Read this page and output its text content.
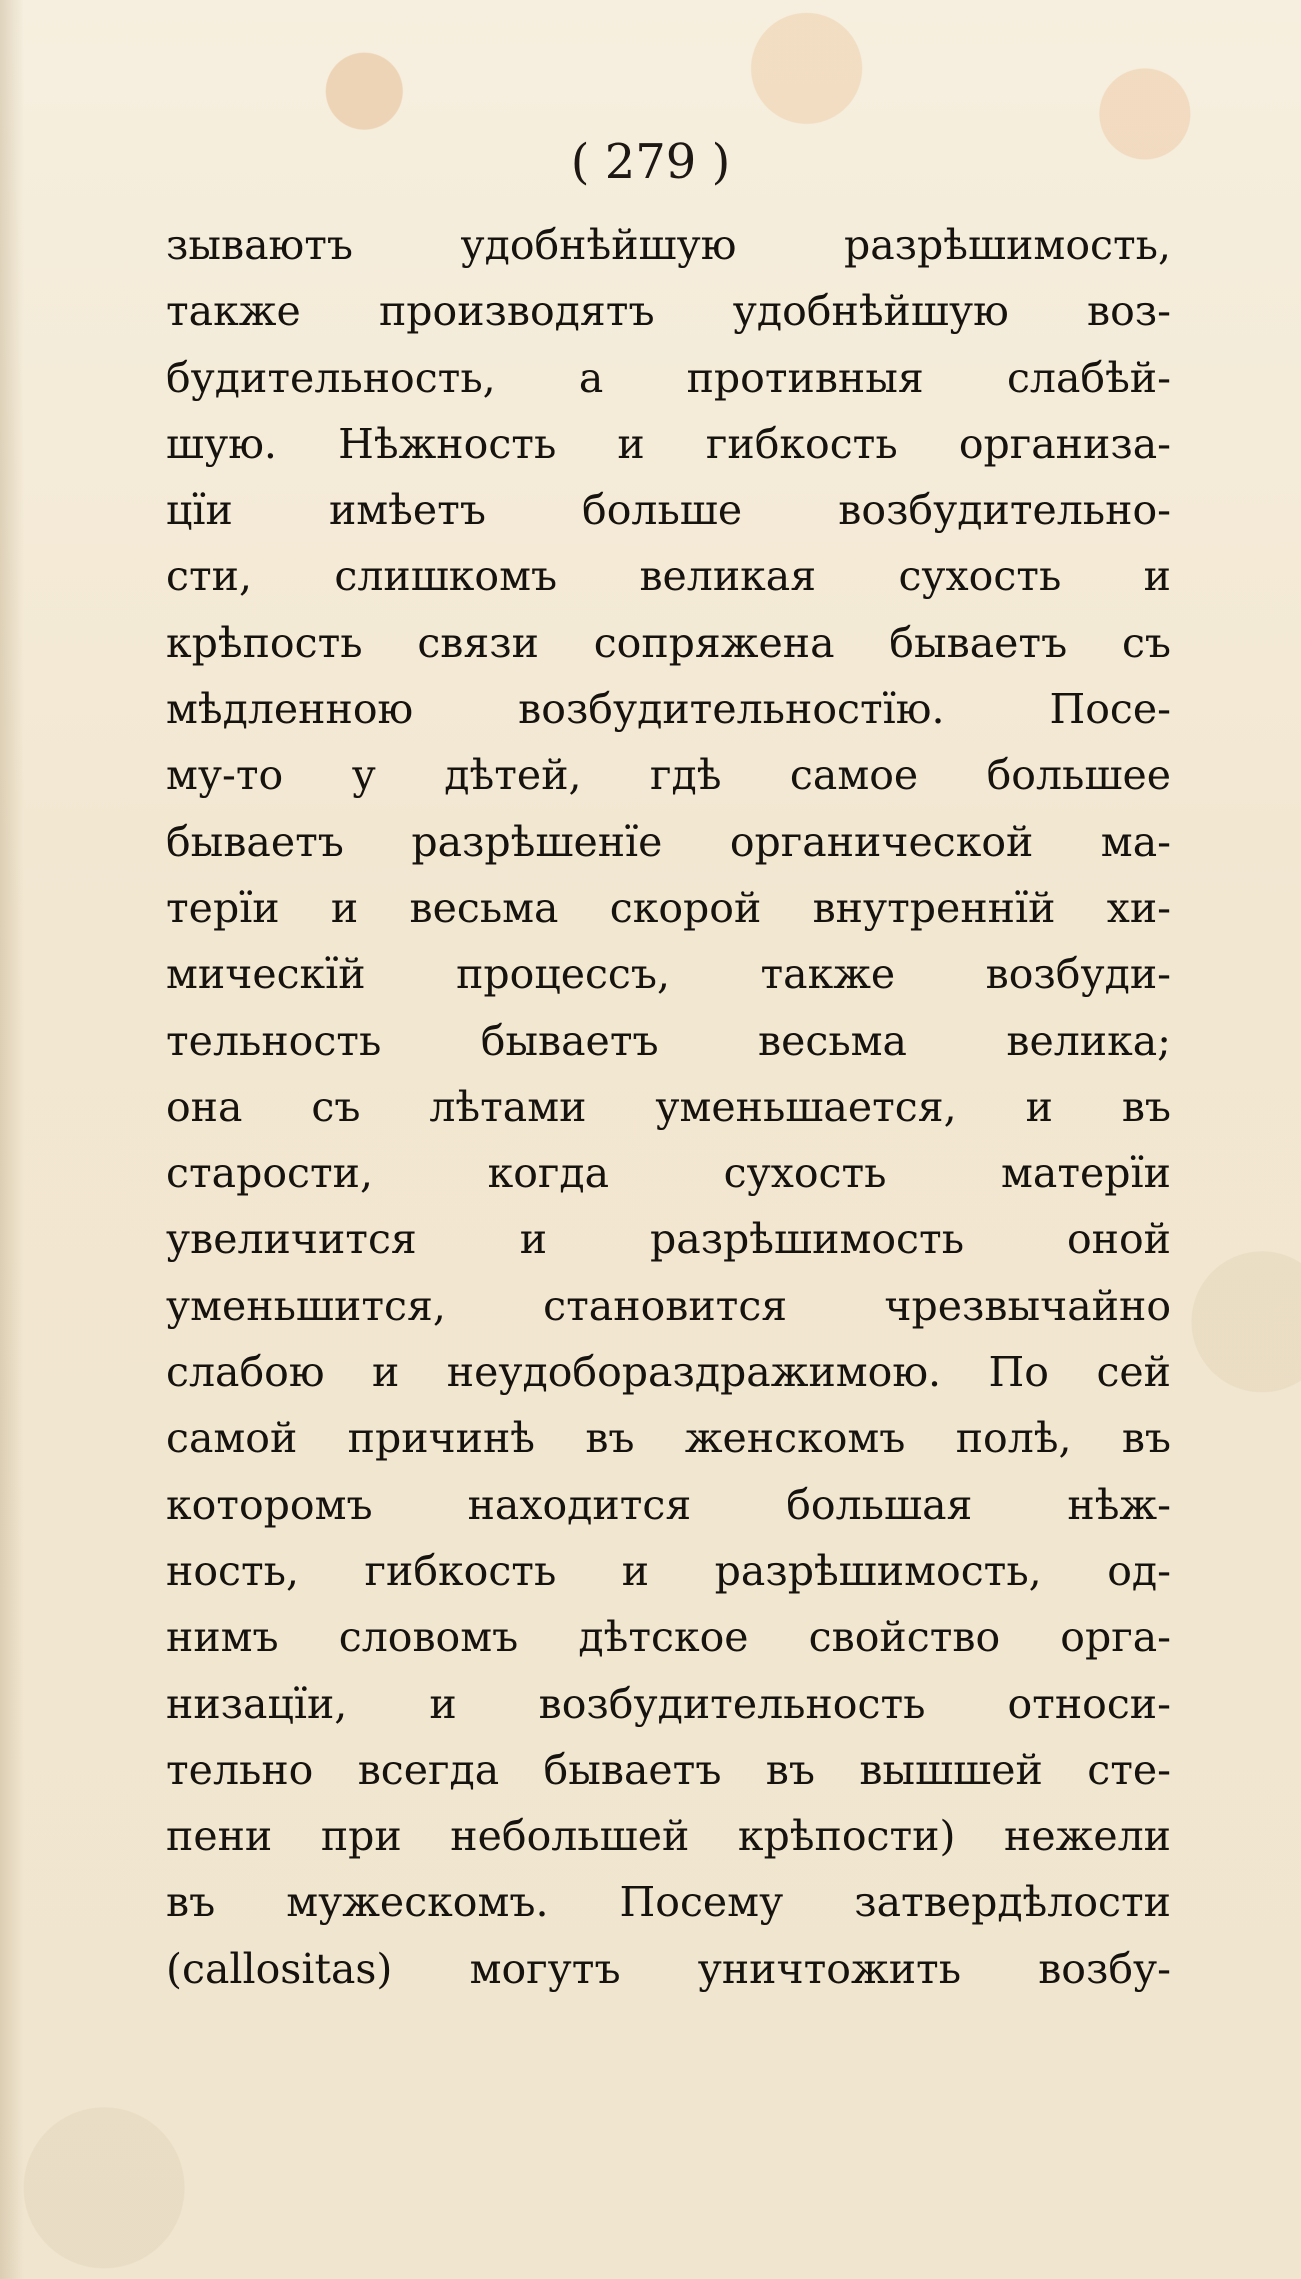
( 279 )
зываютъ удобнѣйшую разрѣшимость,
также производятъ удобнѣйшую воз-
будительность, а противныя слабѣй-
шую. Нѣжность и гибкость организа-
цїи имѣетъ больше возбудительно-
сти, слишкомъ великая сухость и
крѣпость связи сопряжена бываетъ съ
мѣдленною возбудительностїю. Посе-
му-то у дѣтей, гдѣ самое большее
бываетъ разрѣшенїе органической ма-
терїи и весьма скорой внутреннїй хи-
мическїй процессъ, также возбуди-
тельность бываетъ весьма велика;
она съ лѣтами уменьшается, и въ
старости, когда сухость матерїи
увеличится и разрѣшимость оной
уменьшится, становится чрезвычайно
слабою и неудобораздражимою. По сей
самой причинѣ въ женскомъ полѣ, въ
которомъ находится большая нѣж-
ность, гибкость и разрѣшимость, од-
нимъ словомъ дѣтское свойство орга-
низацїи, и возбудительность относи-
тельно всегда бываетъ въ вышшей сте-
пени при небольшей крѣпости) нежели
въ мужескомъ. Посему затвердѣлости
(callositas) могутъ уничтожить возбу-
